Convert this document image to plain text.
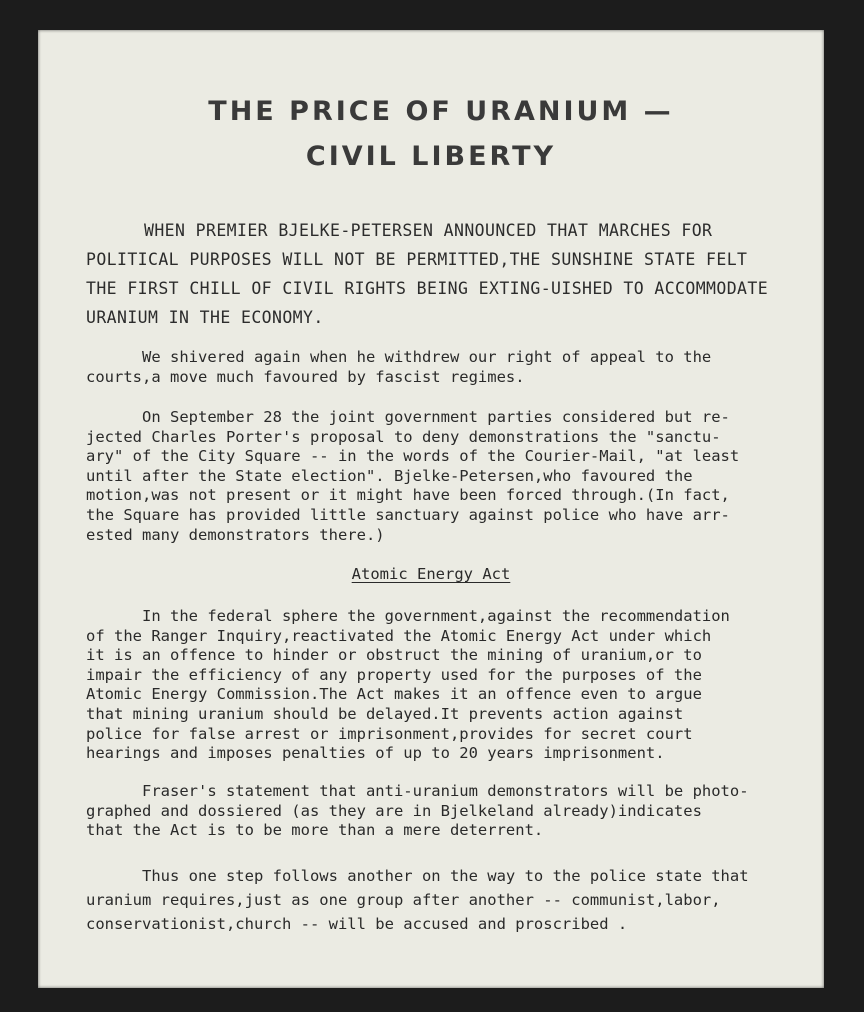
THE PRICE OF URANIUM —
CIVIL LIBERTY
WHEN PREMIER BJELKE-PETERSEN ANNOUNCED THAT MARCHES FOR POLITICAL PURPOSES WILL NOT BE PERMITTED,THE SUNSHINE STATE FELT THE FIRST CHILL OF CIVIL RIGHTS BEING EXTING-UISHED TO ACCOMMODATE URANIUM IN THE ECONOMY.
We shivered again when he withdrew our right of appeal to the
courts,a move much favoured by fascist regimes.
On September 28 the joint government parties considered but re-
jected Charles Porter's proposal to deny demonstrations the "sanctu-
ary" of the City Square -- in the words of the Courier-Mail, "at least
until after the State election". Bjelke-Petersen,who favoured the
motion,was not present or it might have been forced through.(In fact,
the Square has provided little sanctuary against police who have arr-
ested many demonstrators there.)
Atomic Energy Act
In the federal sphere the government,against the recommendation
of the Ranger Inquiry,reactivated the Atomic Energy Act under which
it is an offence to hinder or obstruct the mining of uranium,or to
impair the efficiency of any property used for the purposes of the
Atomic Energy Commission.The Act makes it an offence even to argue
that mining uranium should be delayed.It prevents action against
police for false arrest or imprisonment,provides for secret court
hearings and imposes penalties of up to 20 years imprisonment.
Fraser's statement that anti-uranium demonstrators will be photo-
graphed and dossiered (as they are in Bjelkeland already)indicates
that the Act is to be more than a mere deterrent.
Thus one step follows another on the way to the police state that
uranium requires,just as one group after another -- communist,labor,
conservationist,church -- will be accused and proscribed .
